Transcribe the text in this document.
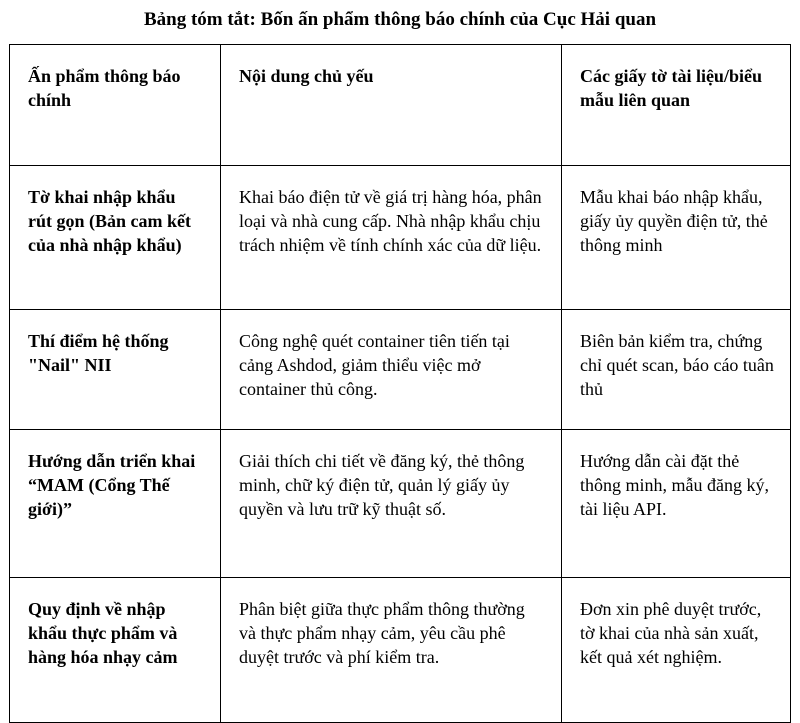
Bảng tóm tắt: Bốn ấn phẩm thông báo chính của Cục Hải quan
Ấn phẩm thông báo chính	Nội dung chủ yếu	Các giấy tờ tài liệu/biểu mẫu liên quan
Tờ khai nhập khẩu rút gọn (Bản cam kết của nhà nhập khẩu)	Khai báo điện tử về giá trị hàng hóa, phân loại và nhà cung cấp. Nhà nhập khẩu chịu trách nhiệm về tính chính xác của dữ liệu.	Mẫu khai báo nhập khẩu, giấy ủy quyền điện tử, thẻ thông minh
Thí điểm hệ thống "Nail" NII	Công nghệ quét container tiên tiến tại cảng Ashdod, giảm thiểu việc mở container thủ công.	Biên bản kiểm tra, chứng chỉ quét scan, báo cáo tuân thủ
Hướng dẫn triển khai “MAM (Cổng Thế giới)”	Giải thích chi tiết về đăng ký, thẻ thông minh, chữ ký điện tử, quản lý giấy ủy quyền và lưu trữ kỹ thuật số.	Hướng dẫn cài đặt thẻ thông minh, mẫu đăng ký, tài liệu API.
Quy định về nhập khẩu thực phẩm và hàng hóa nhạy cảm	Phân biệt giữa thực phẩm thông thường và thực phẩm nhạy cảm, yêu cầu phê duyệt trước và phí kiểm tra.	Đơn xin phê duyệt trước, tờ khai của nhà sản xuất, kết quả xét nghiệm.
